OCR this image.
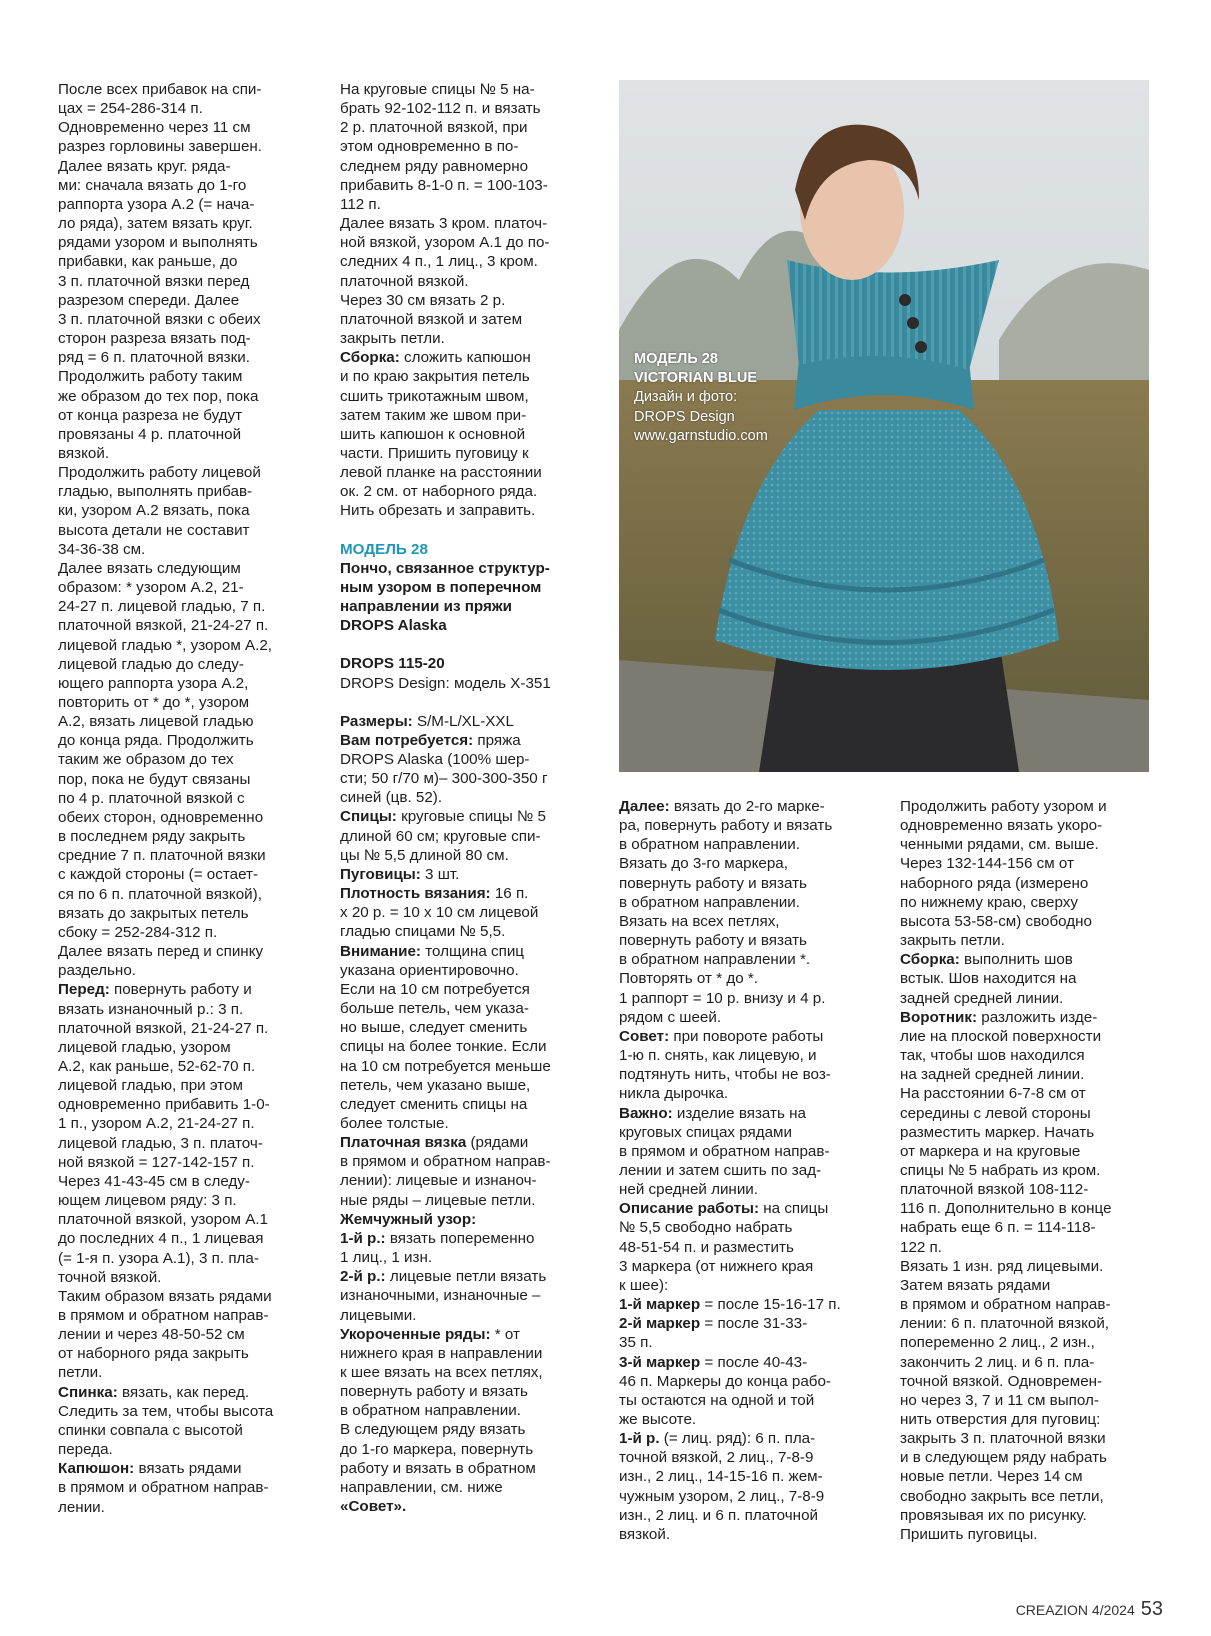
После всех прибавок на спи-

цах = 254-286-314 п.

Одновременно через 11 см

разрез горловины завершен.

Далее вязать круг. ряда-

ми: сначала вязать до 1-го

раппорта узора А.2 (= нача-

ло ряда), затем вязать круг.

рядами узором и выполнять

прибавки, как раньше, до

3 п. платочной вязки перед

разрезом спереди. Далее

3 п. платочной вязки с обеих

сторон разреза вязать под-

ряд = 6 п. платочной вязки.

Продолжить работу таким

же образом до тех пор, пока

от конца разреза не будут

провязаны 4 р. платочной

вязкой.

Продолжить работу лицевой

гладью, выполнять прибав-

ки, узором А.2 вязать, пока

высота детали не составит

34-36-38 см.

Далее вязать следующим

образом: * узором А.2, 21-

24-27 п. лицевой гладью, 7 п.

платочной вязкой, 21-24-27 п.

лицевой гладью *, узором А.2,

лицевой гладью до следу-

ющего раппорта узора А.2,

повторить от * до *, узором

А.2, вязать лицевой гладью

до конца ряда. Продолжить

таким же образом до тех

пор, пока не будут связаны

по 4 р. платочной вязкой с

обеих сторон, одновременно

в последнем ряду закрыть

средние 7 п. платочной вязки

с каждой стороны (= остает-

ся по 6 п. платочной вязкой),

вязать до закрытых петель

сбоку = 252-284-312 п.

Далее вязать перед и спинку

раздельно.

Перед: повернуть работу и

вязать изнаночный р.: 3 п.

платочной вязкой, 21-24-27 п.

лицевой гладью, узором

А.2, как раньше, 52-62-70 п.

лицевой гладью, при этом

одновременно прибавить 1-0-

1 п., узором А.2, 21-24-27 п.

лицевой гладью, 3 п. платоч-

ной вязкой = 127-142-157 п.

Через 41-43-45 см в следу-

ющем лицевом ряду: 3 п.

платочной вязкой, узором А.1

до последних 4 п., 1 лицевая

(= 1-я п. узора А.1), 3 п. пла-

точной вязкой.

Таким образом вязать рядами

в прямом и обратном направ-

лении и через 48-50-52 см

от наборного ряда закрыть

петли.

Спинка: вязать, как перед.

Следить за тем, чтобы высота

спинки совпала с высотой

переда.

Капюшон: вязать рядами

в прямом и обратном направ-

лении.

На круговые спицы № 5 на-

брать 92-102-112 п. и вязать

2 р. платочной вязкой, при

этом одновременно в по-

следнем ряду равномерно

прибавить 8-1-0 п. = 100-103-

112 п.

Далее вязать 3 кром. платоч-

ной вязкой, узором А.1 до по-

следних 4 п., 1 лиц., 3 кром.

платочной вязкой.

Через 30 см вязать 2 р.

платочной вязкой и затем

закрыть петли.

Сборка: сложить капюшон

и по краю закрытия петель

сшить трикотажным швом,

затем таким же швом при-

шить капюшон к основной

части. Пришить пуговицу к

левой планке на расстоянии

ок. 2 см. от наборного ряда.

Нить обрезать и заправить.

МОДЕЛЬ 28

Пончо, связанное структур-

ным узором в поперечном

направлении из пряжи

DROPS Alaska

DROPS 115-20

DROPS Design: модель X-351

Размеры: S/M-L/XL-XXL

Вам потребуется: пряжа

DROPS Alaska (100% шер-

сти; 50 г/70 м)– 300-300-350 г

синей (цв. 52).

Спицы: круговые спицы № 5

длиной 60 см; круговые спи-

цы № 5,5 длиной 80 см.

Пуговицы: 3 шт.

Плотность вязания: 16 п.

х 20 р. = 10 х 10 см лицевой

гладью спицами № 5,5.

Внимание: толщина спиц

указана ориентировочно.

Если на 10 см потребуется

больше петель, чем указа-

но выше, следует сменить

спицы на более тонкие. Если

на 10 см потребуется меньше

петель, чем указано выше,

следует сменить спицы на

более толстые.

Платочная вязка (рядами

в прямом и обратном направ-

лении): лицевые и изнаноч-

ные ряды – лицевые петли.

Жемчужный узор:

1-й р.: вязать попеременно

1 лиц., 1 изн.

2-й р.: лицевые петли вязать

изнаночными, изнаночные –

лицевыми.

Укороченные ряды: * от

нижнего края в направлении

к шее вязать на всех петлях,

повернуть работу и вязать

в обратном направлении.

В следующем ряду вязать

до 1-го маркера, повернуть

работу и вязать в обратном

направлении, см. ниже

«Совет».

МОДЕЛЬ 28
VICTORIAN BLUE
Дизайн и фото:
DROPS Design
www.garnstudio.com

Далее: вязать до 2-го марке-

ра, повернуть работу и вязать

в обратном направлении.

Вязать до 3-го маркера,

повернуть работу и вязать

в обратном направлении.

Вязать на всех петлях,

повернуть работу и вязать

в обратном направлении *.

Повторять от * до *.

1 раппорт = 10 р. внизу и 4 р.

рядом с шеей.

Совет: при повороте работы

1-ю п. снять, как лицевую, и

подтянуть нить, чтобы не воз-

никла дырочка.

Важно: изделие вязать на

круговых спицах рядами

в прямом и обратном направ-

лении и затем сшить по зад-

ней средней линии.

Описание работы: на спицы

№ 5,5 свободно набрать

48-51-54 п. и разместить

3 маркера (от нижнего края

к шее):

1-й маркер = после 15-16-17 п.

2-й маркер = после 31-33-

35 п.

3-й маркер = после 40-43-

46 п. Маркеры до конца рабо-

ты остаются на одной и той

же высоте.

1-й р. (= лиц. ряд): 6 п. пла-

точной вязкой, 2 лиц., 7-8-9

изн., 2 лиц., 14-15-16 п. жем-

чужным узором, 2 лиц., 7-8-9

изн., 2 лиц. и 6 п. платочной

вязкой.

Продолжить работу узором и

одновременно вязать укоро-

ченными рядами, см. выше.

Через 132-144-156 см от

наборного ряда (измерено

по нижнему краю, сверху

высота 53-58-см) свободно

закрыть петли.

Сборка: выполнить шов

встык. Шов находится на

задней средней линии.

Воротник: разложить изде-

лие на плоской поверхности

так, чтобы шов находился

на задней средней линии.

На расстоянии 6-7-8 см от

середины с левой стороны

разместить маркер. Начать

от маркера и на круговые

спицы № 5 набрать из кром.

платочной вязкой 108-112-

116 п. Дополнительно в конце

набрать еще 6 п. = 114-118-

122 п.

Вязать 1 изн. ряд лицевыми.

Затем вязать рядами

в прямом и обратном направ-

лении: 6 п. платочной вязкой,

попеременно 2 лиц., 2 изн.,

закончить 2 лиц. и 6 п. пла-

точной вязкой. Одновремен-

но через 3, 7 и 11 см выпол-

нить отверстия для пуговиц:

закрыть 3 п. платочной вязки

и в следующем ряду набрать

новые петли. Через 14 см

свободно закрыть все петли,

провязывая их по рисунку.

Пришить пуговицы.

CREAZION 4/2024 53
